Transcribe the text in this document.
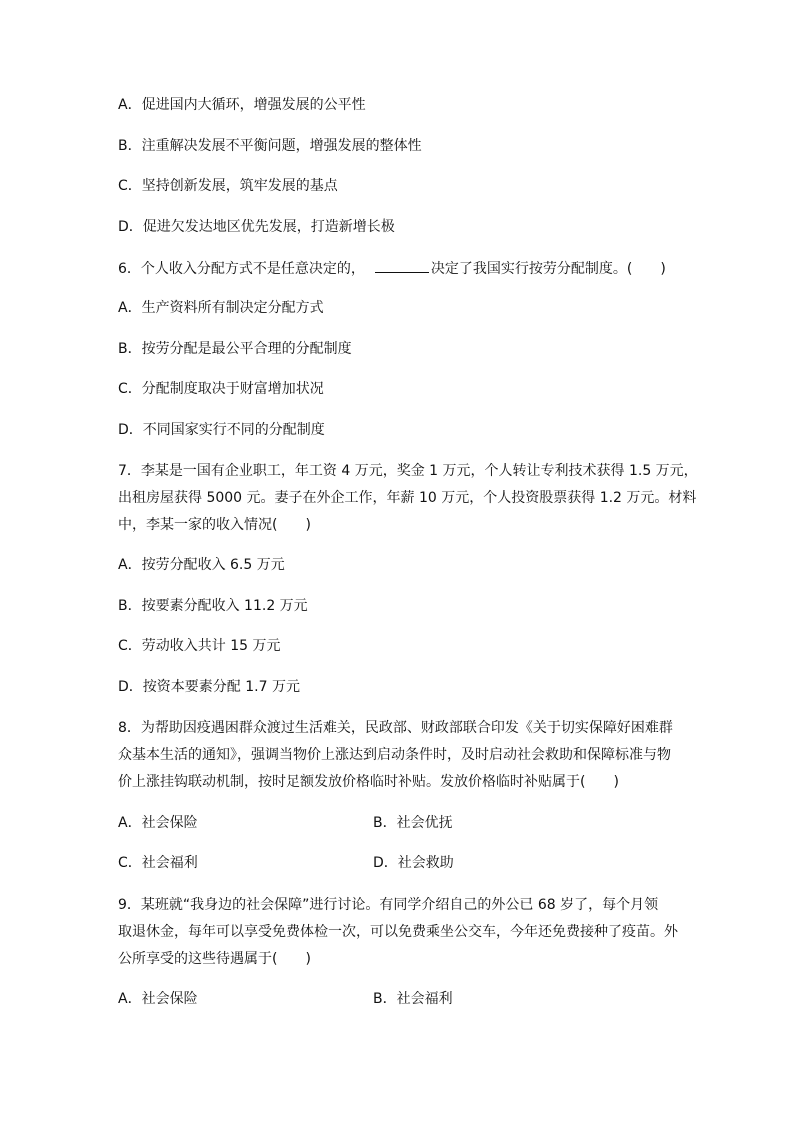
A．促进国内大循环，增强发展的公平性
B．注重解决发展不平衡问题，增强发展的整体性
C．坚持创新发展，筑牢发展的基点
D．促进欠发达地区优先发展，打造新增长极
6．个人收入分配方式不是任意决定的，	决定了我国实行按劳分配制度。(　　)
A．生产资料所有制决定分配方式
B．按劳分配是最公平合理的分配制度
C．分配制度取决于财富增加状况
D．不同国家实行不同的分配制度
7．李某是一国有企业职工，年工资 4 万元，奖金 1 万元，个人转让专利技术获得 1.5 万元，
出租房屋获得 5000 元。妻子在外企工作，年薪 10 万元，个人投资股票获得 1.2 万元。材料
中，李某一家的收入情况(　　)
A．按劳分配收入 6.5 万元
B．按要素分配收入 11.2 万元
C．劳动收入共计 15 万元
D．按资本要素分配 1.7 万元
8．为帮助因疫遇困群众渡过生活难关，民政部、财政部联合印发《关于切实保障好困难群
众基本生活的通知》，强调当物价上涨达到启动条件时，及时启动社会救助和保障标准与物
价上涨挂钩联动机制，按时足额发放价格临时补贴。发放价格临时补贴属于(　　)
A．社会保险	B．社会优抚
C．社会福利	D．社会救助
9．某班就“我身边的社会保障”进行讨论。有同学介绍自己的外公已 68 岁了，每个月领
取退休金，每年可以享受免费体检一次，可以免费乘坐公交车，今年还免费接种了疫苗。外
公所享受的这些待遇属于(　　)
A．社会保险	B．社会福利
